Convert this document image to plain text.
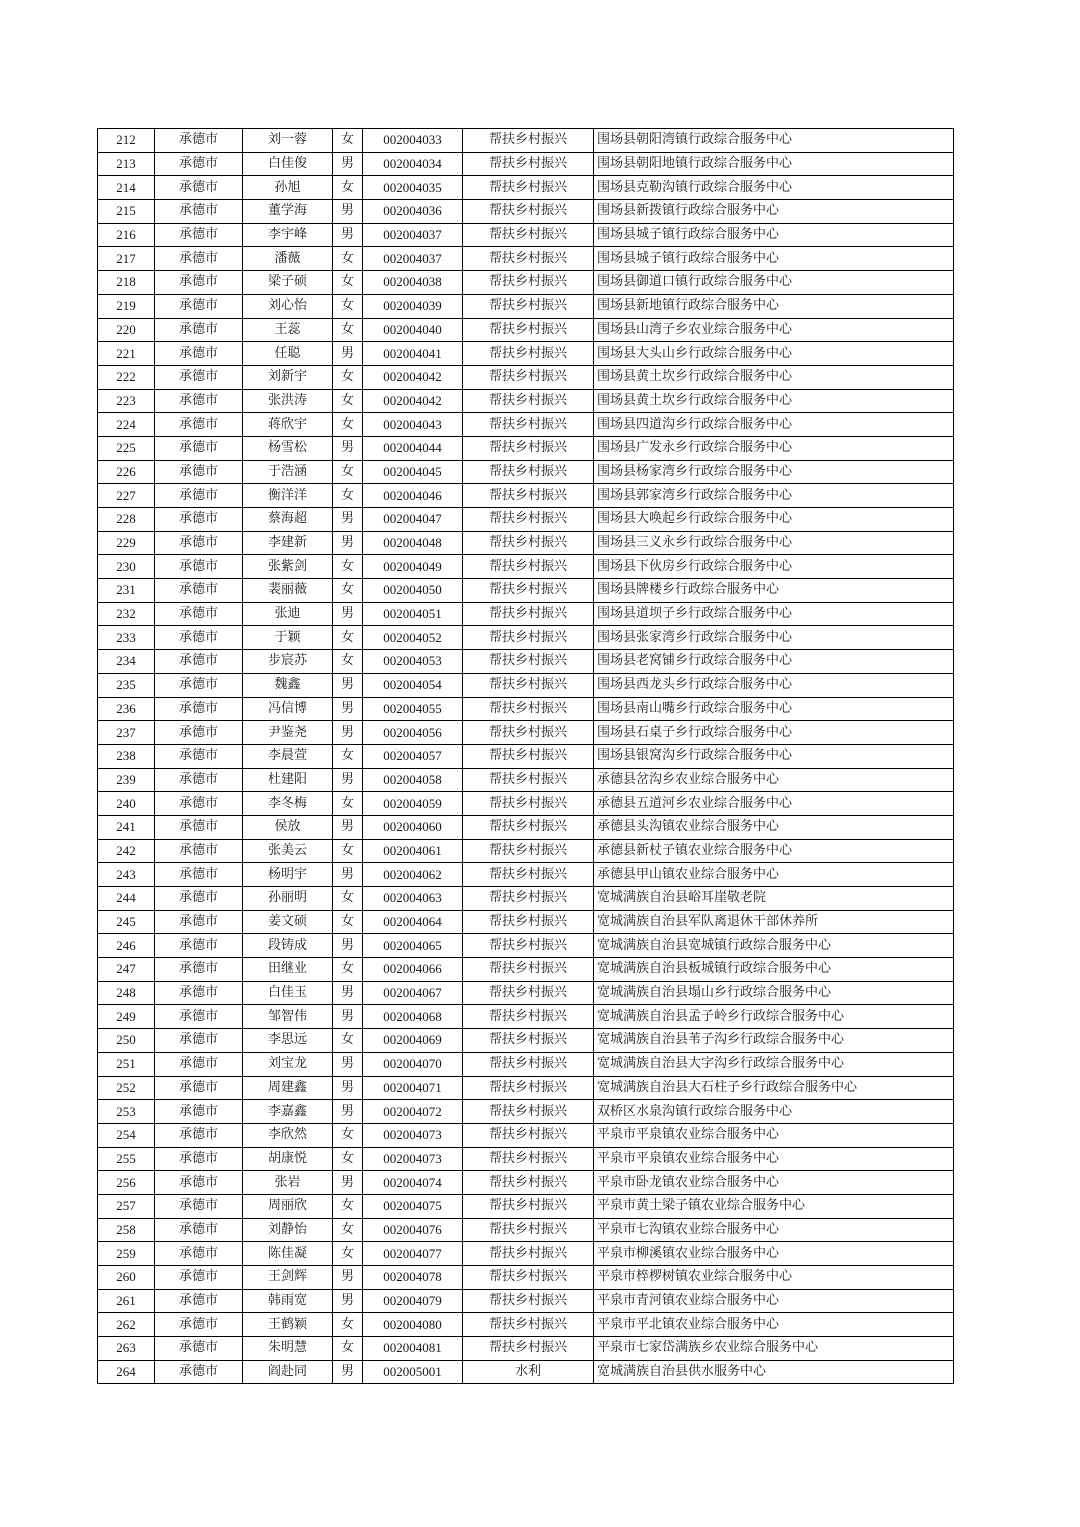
212	承德市	刘一蓉	女	002004033	帮扶乡村振兴	围场县朝阳湾镇行政综合服务中心
213	承德市	白佳俊	男	002004034	帮扶乡村振兴	围场县朝阳地镇行政综合服务中心
214	承德市	孙旭	女	002004035	帮扶乡村振兴	围场县克勒沟镇行政综合服务中心
215	承德市	董学海	男	002004036	帮扶乡村振兴	围场县新拨镇行政综合服务中心
216	承德市	李宇峰	男	002004037	帮扶乡村振兴	围场县城子镇行政综合服务中心
217	承德市	潘薇	女	002004037	帮扶乡村振兴	围场县城子镇行政综合服务中心
218	承德市	梁子硕	女	002004038	帮扶乡村振兴	围场县御道口镇行政综合服务中心
219	承德市	刘心怡	女	002004039	帮扶乡村振兴	围场县新地镇行政综合服务中心
220	承德市	王蕊	女	002004040	帮扶乡村振兴	围场县山湾子乡农业综合服务中心
221	承德市	任聪	男	002004041	帮扶乡村振兴	围场县大头山乡行政综合服务中心
222	承德市	刘新宇	女	002004042	帮扶乡村振兴	围场县黄土坎乡行政综合服务中心
223	承德市	张洪涛	女	002004042	帮扶乡村振兴	围场县黄土坎乡行政综合服务中心
224	承德市	蒋欣宇	女	002004043	帮扶乡村振兴	围场县四道沟乡行政综合服务中心
225	承德市	杨雪松	男	002004044	帮扶乡村振兴	围场县广发永乡行政综合服务中心
226	承德市	于浩涵	女	002004045	帮扶乡村振兴	围场县杨家湾乡行政综合服务中心
227	承德市	衡洋洋	女	002004046	帮扶乡村振兴	围场县郭家湾乡行政综合服务中心
228	承德市	蔡海超	男	002004047	帮扶乡村振兴	围场县大唤起乡行政综合服务中心
229	承德市	李建新	男	002004048	帮扶乡村振兴	围场县三义永乡行政综合服务中心
230	承德市	张紫剑	女	002004049	帮扶乡村振兴	围场县下伙房乡行政综合服务中心
231	承德市	裴丽薇	女	002004050	帮扶乡村振兴	围场县牌楼乡行政综合服务中心
232	承德市	张迪	男	002004051	帮扶乡村振兴	围场县道坝子乡行政综合服务中心
233	承德市	于颖	女	002004052	帮扶乡村振兴	围场县张家湾乡行政综合服务中心
234	承德市	步宸苏	女	002004053	帮扶乡村振兴	围场县老窝铺乡行政综合服务中心
235	承德市	魏鑫	男	002004054	帮扶乡村振兴	围场县西龙头乡行政综合服务中心
236	承德市	冯信博	男	002004055	帮扶乡村振兴	围场县南山嘴乡行政综合服务中心
237	承德市	尹鉴尧	男	002004056	帮扶乡村振兴	围场县石桌子乡行政综合服务中心
238	承德市	李晨萱	女	002004057	帮扶乡村振兴	围场县银窝沟乡行政综合服务中心
239	承德市	杜建阳	男	002004058	帮扶乡村振兴	承德县岔沟乡农业综合服务中心
240	承德市	李冬梅	女	002004059	帮扶乡村振兴	承德县五道河乡农业综合服务中心
241	承德市	侯放	男	002004060	帮扶乡村振兴	承德县头沟镇农业综合服务中心
242	承德市	张美云	女	002004061	帮扶乡村振兴	承德县新杖子镇农业综合服务中心
243	承德市	杨明宇	男	002004062	帮扶乡村振兴	承德县甲山镇农业综合服务中心
244	承德市	孙丽明	女	002004063	帮扶乡村振兴	宽城满族自治县峪耳崖敬老院
245	承德市	姜文硕	女	002004064	帮扶乡村振兴	宽城满族自治县军队离退休干部休养所
246	承德市	段铸成	男	002004065	帮扶乡村振兴	宽城满族自治县宽城镇行政综合服务中心
247	承德市	田继业	女	002004066	帮扶乡村振兴	宽城满族自治县板城镇行政综合服务中心
248	承德市	白佳玉	男	002004067	帮扶乡村振兴	宽城满族自治县塌山乡行政综合服务中心
249	承德市	邹智伟	男	002004068	帮扶乡村振兴	宽城满族自治县孟子岭乡行政综合服务中心
250	承德市	李思远	女	002004069	帮扶乡村振兴	宽城满族自治县苇子沟乡行政综合服务中心
251	承德市	刘宝龙	男	002004070	帮扶乡村振兴	宽城满族自治县大字沟乡行政综合服务中心
252	承德市	周建鑫	男	002004071	帮扶乡村振兴	宽城满族自治县大石柱子乡行政综合服务中心
253	承德市	李嘉鑫	男	002004072	帮扶乡村振兴	双桥区水泉沟镇行政综合服务中心
254	承德市	李欣然	女	002004073	帮扶乡村振兴	平泉市平泉镇农业综合服务中心
255	承德市	胡康悦	女	002004073	帮扶乡村振兴	平泉市平泉镇农业综合服务中心
256	承德市	张岩	男	002004074	帮扶乡村振兴	平泉市卧龙镇农业综合服务中心
257	承德市	周丽欣	女	002004075	帮扶乡村振兴	平泉市黄土梁子镇农业综合服务中心
258	承德市	刘静怡	女	002004076	帮扶乡村振兴	平泉市七沟镇农业综合服务中心
259	承德市	陈佳凝	女	002004077	帮扶乡村振兴	平泉市柳溪镇农业综合服务中心
260	承德市	王剑辉	男	002004078	帮扶乡村振兴	平泉市椊椤树镇农业综合服务中心
261	承德市	韩雨宽	男	002004079	帮扶乡村振兴	平泉市青河镇农业综合服务中心
262	承德市	王鹤颖	女	002004080	帮扶乡村振兴	平泉市平北镇农业综合服务中心
263	承德市	朱明慧	女	002004081	帮扶乡村振兴	平泉市七家岱满族乡农业综合服务中心
264	承德市	阎赴同	男	002005001	水利	宽城满族自治县供水服务中心
